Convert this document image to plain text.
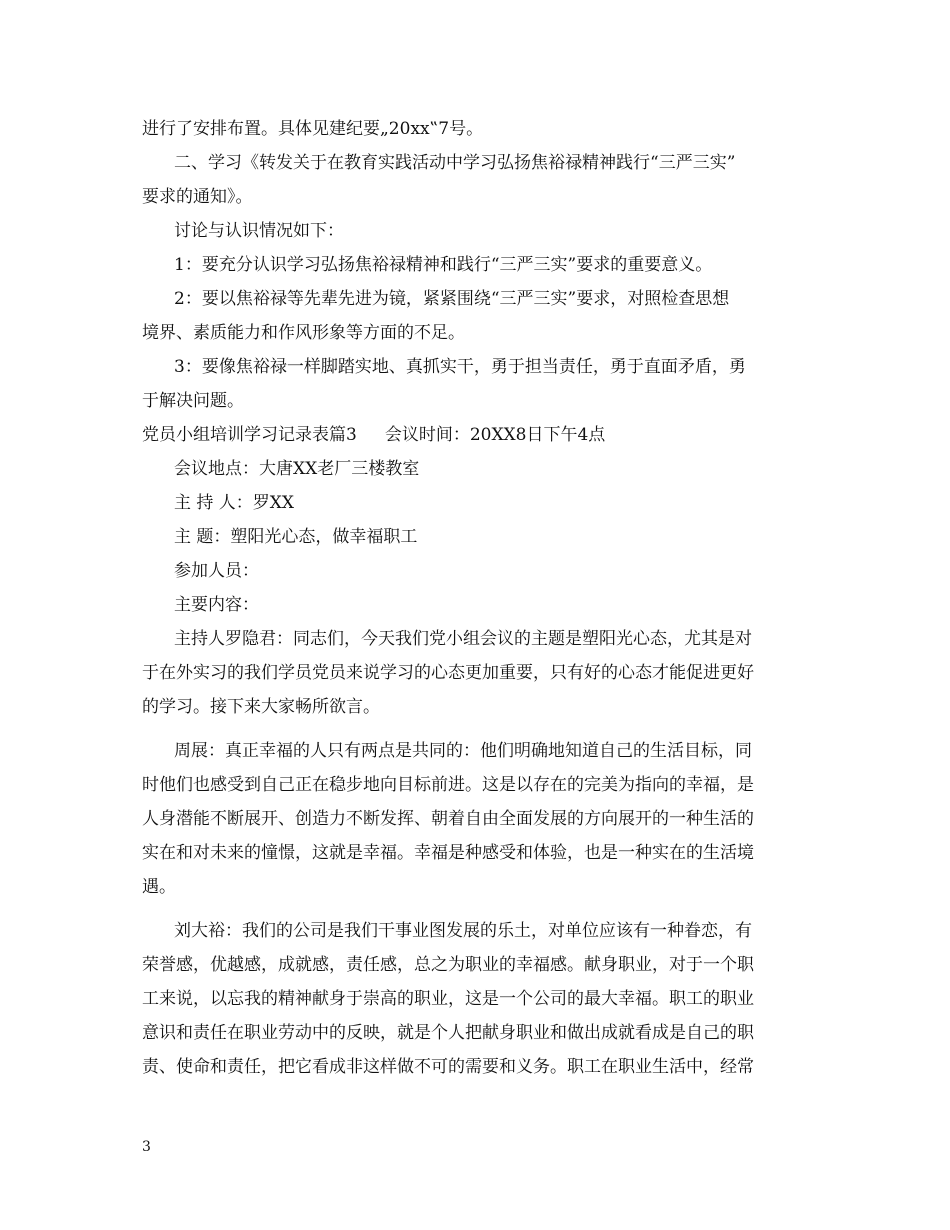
进行了安排布置。具体见建纪要„20xx‟7号。
二、学习《转发关于在教育实践活动中学习弘扬焦裕禄精神践行“三严三实”
要求的通知》。
讨论与认识情况如下：
1：要充分认识学习弘扬焦裕禄精神和践行“三严三实”要求的重要意义。
2：要以焦裕禄等先辈先进为镜，紧紧围绕“三严三实”要求，对照检查思想
境界、素质能力和作风形象等方面的不足。
3：要像焦裕禄一样脚踏实地、真抓实干，勇于担当责任，勇于直面矛盾，勇
于解决问题。
党员小组培训学习记录表篇3 会议时间：20XX8日下午4点
会议地点：大唐XX老厂三楼教室
主 持 人：罗XX
主 题：塑阳光心态，做幸福职工
参加人员：
主要内容：
主持人罗隐君：同志们，今天我们党小组会议的主题是塑阳光心态，尤其是对
于在外实习的我们学员党员来说学习的心态更加重要，只有好的心态才能促进更好
的学习。接下来大家畅所欲言。
周展：真正幸福的人只有两点是共同的：他们明确地知道自己的生活目标，同
时他们也感受到自己正在稳步地向目标前进。这是以存在的完美为指向的幸福，是
人身潜能不断展开、创造力不断发挥、朝着自由全面发展的方向展开的一种生活的
实在和对未来的憧憬，这就是幸福。幸福是种感受和体验，也是一种实在的生活境
遇。
刘大裕：我们的公司是我们干事业图发展的乐土，对单位应该有一种眷恋，有
荣誉感，优越感，成就感，责任感，总之为职业的幸福感。献身职业，对于一个职
工来说，以忘我的精神献身于崇高的职业，这是一个公司的最大幸福。职工的职业
意识和责任在职业劳动中的反映，就是个人把献身职业和做出成就看成是自己的职
责、使命和责任，把它看成非这样做不可的需要和义务。职工在职业生活中，经常
3
